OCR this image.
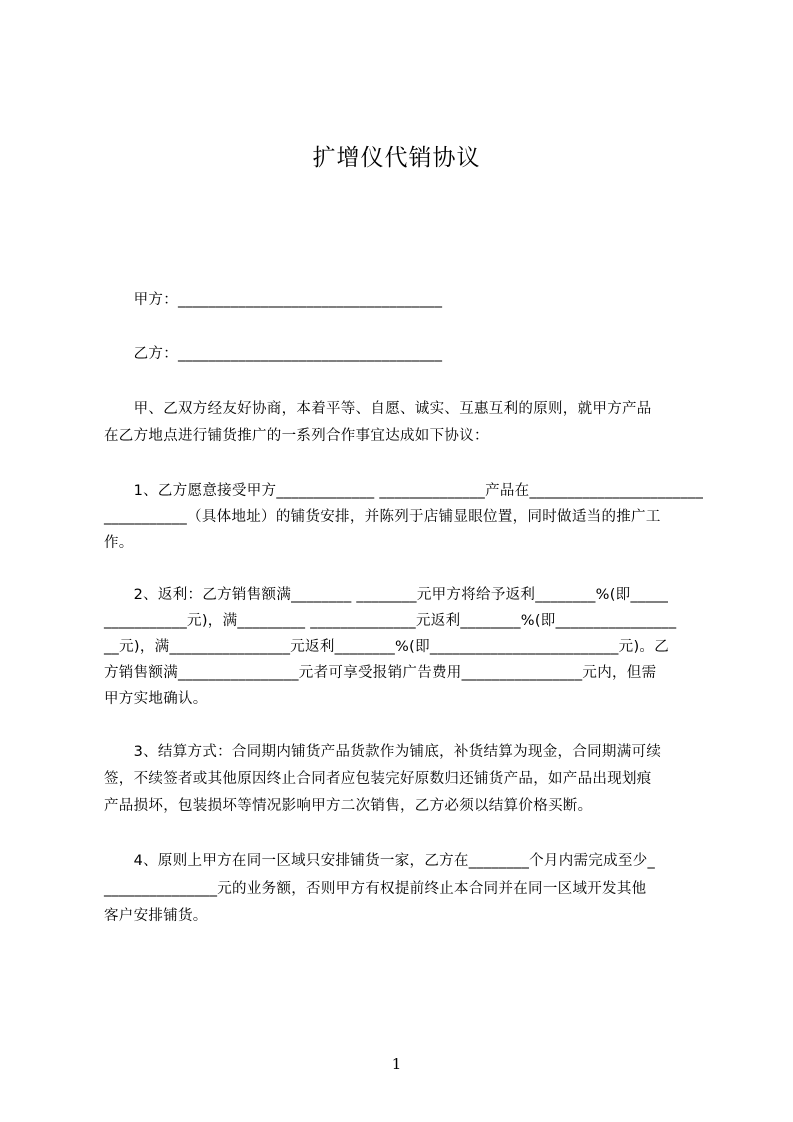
扩增仪代销协议
　　甲方：___________________________________
　　乙方：___________________________________
　　甲、乙双方经友好协商，本着平等、自愿、诚实、互惠互利的原则，就甲方产品
在乙方地点进行铺货推广的一系列合作事宜达成如下协议：
　　1、乙方愿意接受甲方_____________ ______________产品在_______________________
___________（具体地址）的铺货安排，并陈列于店铺显眼位置，同时做适当的推广工
作。
　　2、返利：乙方销售额满________ ________元甲方将给予返利________%(即_____
___________元)，满_________ ______________元返利________%(即________________
__元)，满________________元返利________%(即_________________________元)。乙
方销售额满________________元者可享受报销广告费用________________元内，但需
甲方实地确认。
　　3、结算方式：合同期内铺货产品货款作为铺底，补货结算为现金，合同期满可续
签，不续签者或其他原因终止合同者应包装完好原数归还铺货产品，如产品出现划痕
产品损坏，包装损坏等情况影响甲方二次销售，乙方必须以结算价格买断。
　　4、原则上甲方在同一区域只安排铺货一家，乙方在________个月内需完成至少_
_______________元的业务额，否则甲方有权提前终止本合同并在同一区域开发其他
客户安排铺货。
1
